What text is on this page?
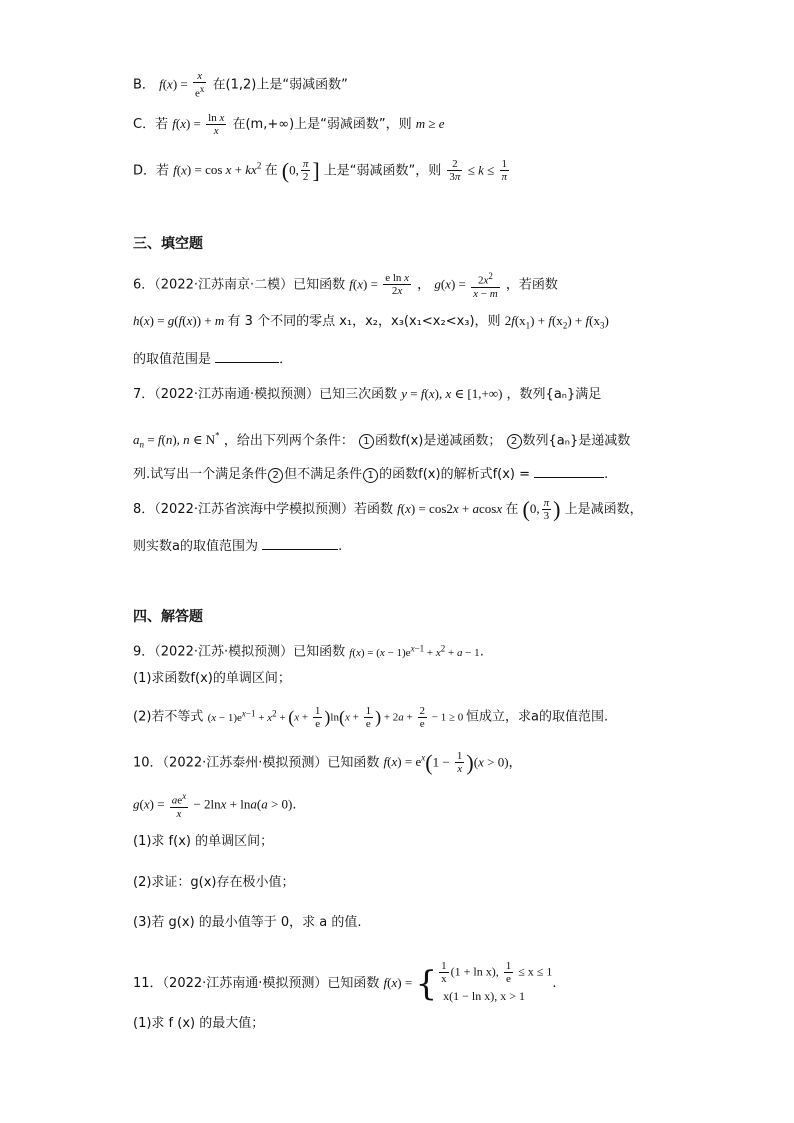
B． $f(x) = \frac{x}{e^x}$ 在(1,2)上是“弱减函数”
C．若 $f(x) = \frac{\text{ln x}}{x}$ 在(m,+∞)上是“弱减函数”，则 m ≥ e
D．若 $f(x) = \cos x + kx^2$ 在 (0, $\frac{\pi}{2}$ ] 上是“弱减函数”，则 $\frac{2}{3\pi} \le k \le \frac{1}{\pi}$
三、填空题
6．（2022·江苏南京·二模）已知函数 $f(x) = \frac{\text{e ln x}}{2x}$ ， $g(x) = \frac{2x^2}{x - m}$ ，若函数
h(x) = g(f(x)) + m 有 3 个不同的零点 x₁，x₂，x₃(x₁<x₂<x₃)，则 $2f(x_1) + f(x_2) + f(x_3)$
的取值范围是	．
7．（2022·江苏南通·模拟预测）已知三次函数 y = f(x), x ∈ [1,+∞) ，数列{aₙ}满足
$a_n = f(n)$, n ∈ N* ，给出下列两个条件： 1 函数f(x)是递减函数； 2 数列{aₙ}是递减数
列.试写出一个满足条件 2 但不满足条件 1 的函数f(x)的解析式f(x) =	.
8．（2022·江苏省滨海中学模拟预测）若函数 f(x) = cos2x + acosx 在 (0, $\frac{\pi}{3}$ ) 上是减函数，
则实数a的取值范围为	.
四、解答题
9．（2022·江苏·模拟预测）已知函数 $f(x) = (x - 1)e^{x-1} + x^2 + a - 1$.
(1)求函数f(x)的单调区间；
(2)若不等式 $(x - 1)e^{x-1} + x^2 + (x + \frac{1}{e} )\ln(x + \frac{1}{e}$ ) + $2a + \frac{2}{e} - 1 \ge 0$ 恒成立，求a的取值范围.
10．（2022·江苏泰州·模拟预测）已知函数 $f(x) = e^x(1 - \frac{1}{x} )(x > 0)$，
$g(x) = \frac{ae^x}{x} - 2\ln x + \ln a(a > 0)$.
(1)求 f(x) 的单调区间；
(2)求证：g(x)存在极小值；
(3)若 g(x) 的最小值等于 0，求 a 的值.
11．（2022·江苏南通·模拟预测）已知函数 f(x) = { $\frac{1}{x} (1 + \ln x)$, $\frac{1}{e} \le x \le 1$
x(1 − ln x), x > 1
.
(1)求 f (x) 的最大值；
